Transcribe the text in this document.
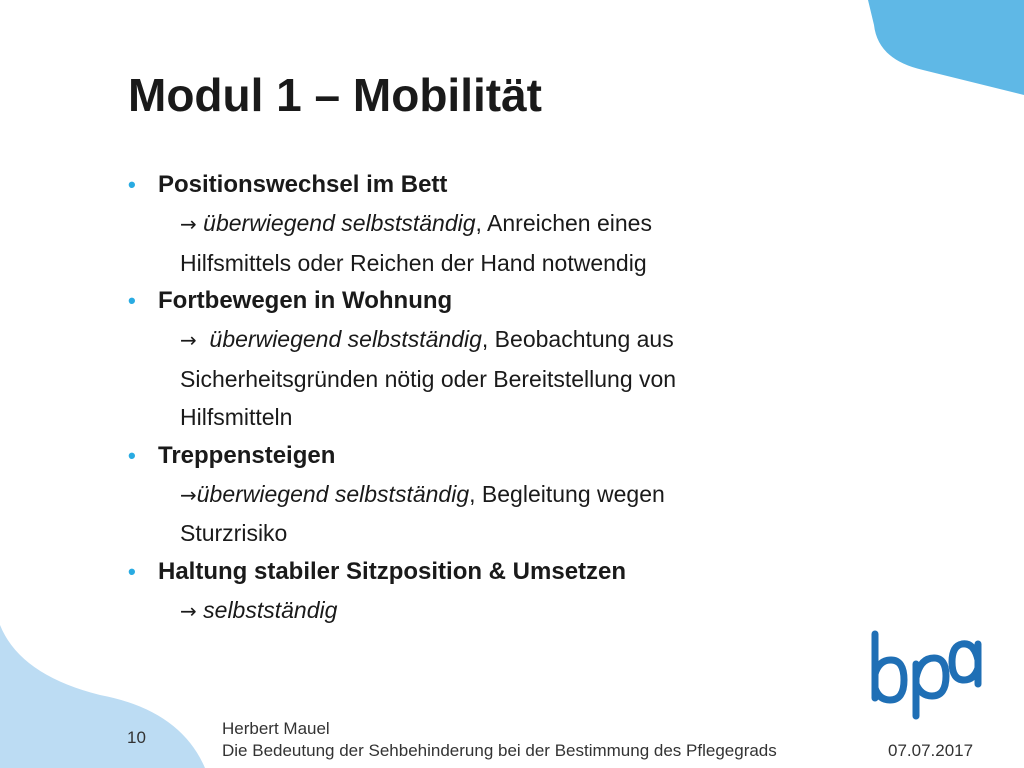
Modul 1 – Mobilität
• Positionswechsel im Bett
→ überwiegend selbstständig, Anreichen eines
Hilfsmittels oder Reichen der Hand notwendig
• Fortbewegen in Wohnung
→ überwiegend selbstständig, Beobachtung aus
Sicherheitsgründen nötig oder Bereitstellung von
Hilfsmitteln
• Treppensteigen
→überwiegend selbstständig, Begleitung wegen
Sturzrisiko
• Haltung stabiler Sitzposition & Umsetzen
→ selbstständig
10	Herbert Mauel
Die Bedeutung der Sehbehinderung bei der Bestimmung des Pflegegrads	07.07.2017
